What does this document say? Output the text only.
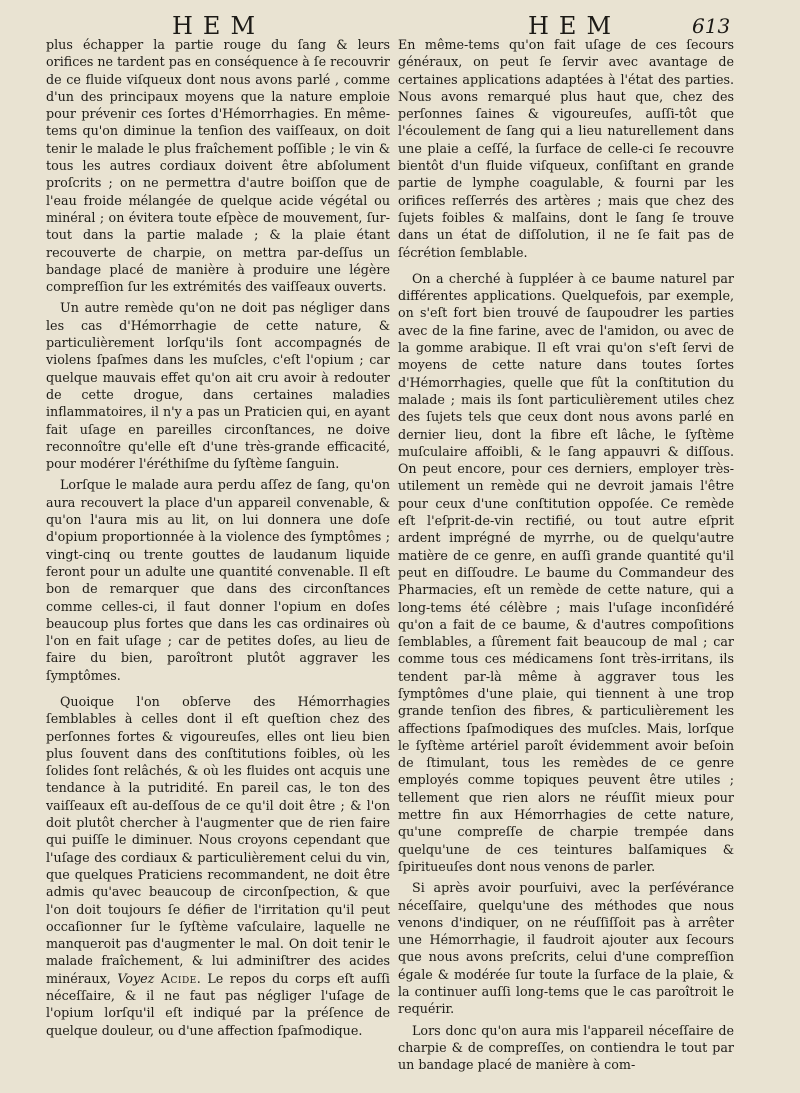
HEM	HEM	613

plus échapper la partie rouge du ſang & leurs orifices ne tardent pas en conséquence à ſe recouvrir de ce fluide viſqueux dont nous avons parlé , comme d'un des principaux moyens que la nature emploie pour prévenir ces ſortes d'Hémorrhagies. En même-tems qu'on diminue la tenſion des vaiſſeaux, on doit tenir le malade le plus fraîchement poſſible ; le vin & tous les autres cordiaux doivent être abſolument proſcrits ; on ne permettra d'autre boiſſon que de l'eau froide mélangée de quelque acide végétal ou minéral ; on évitera toute eſpèce de mouvement, ſur-tout dans la partie malade ; & la plaie étant recouverte de charpie, on mettra par-deſſus un bandage placé de manière à produire une légère compreſſion ſur les extrémités des vaiſſeaux ouverts.

Un autre remède qu'on ne doit pas négliger dans les cas d'Hémorrhagie de cette nature, & particulièrement lorſqu'ils ſont accompagnés de violens ſpaſmes dans les muſcles, c'eſt l'opium ; car quelque mauvais effet qu'on ait cru avoir à redouter de cette drogue, dans certaines maladies inflammatoires, il n'y a pas un Praticien qui, en ayant fait uſage en pareilles circonſtances, ne doive reconnoître qu'elle eſt d'une très-grande efficacité, pour modérer l'éréthiſme du ſyſtème ſanguin.

Lorſque le malade aura perdu aſſez de ſang, qu'on aura recouvert la place d'un appareil convenable, & qu'on l'aura mis au lit, on lui donnera une doſe d'opium proportionnée à la violence des ſymptômes ; vingt-cinq ou trente gouttes de laudanum liquide feront pour un adulte une quantité convenable. Il eſt bon de remarquer que dans des circonſtances comme celles-ci, il faut donner l'opium en doſes beaucoup plus fortes que dans les cas ordinaires où l'on en fait uſage ; car de petites doſes, au lieu de faire du bien, paroîtront plutôt aggraver les ſymptômes.

Quoique l'on obſerve des Hémorrhagies ſemblables à celles dont il eſt queſtion chez des perſonnes fortes & vigoureuſes, elles ont lieu bien plus ſouvent dans des conſtitutions foibles, où les ſolides ſont relâchés, & où les fluides ont acquis une tendance à la putridité. En pareil cas, le ton des vaiſſeaux eſt au-deſſous de ce qu'il doit être ; & l'on doit plutôt chercher à l'augmenter que de rien faire qui puiſſe le diminuer. Nous croyons cependant que l'uſage des cordiaux & particulièrement celui du vin, que quelques Praticiens recommandent, ne doit être admis qu'avec beaucoup de circonſpection, & que l'on doit toujours ſe défier de l'irritation qu'il peut occaſionner ſur le ſyſtème vaſculaire, laquelle ne manqueroit pas d'augmenter le mal. On doit tenir le malade fraîchement, & lui adminiſtrer des acides minéraux, Voyez Acide. Le repos du corps eſt auſſi néceſſaire, & il ne faut pas négliger l'uſage de l'opium lorſqu'il eſt indiqué par la préſence de quelque douleur, ou d'une affection ſpaſmodique.

En même-tems qu'on fait uſage de ces ſecours généraux, on peut ſe ſervir avec avantage de certaines applications adaptées à l'état des parties. Nous avons remarqué plus haut que, chez des perſonnes ſaines & vigoureuſes, auſſi-tôt que l'écoulement de ſang qui a lieu naturellement dans une plaie a ceſſé, la ſurface de celle-ci ſe recouvre bientôt d'un fluide viſqueux, conſiſtant en grande partie de lymphe coagulable, & fourni par les orifices reſſerrés des artères ; mais que chez des ſujets foibles & malſains, dont le ſang ſe trouve dans un état de diſſolution, il ne ſe fait pas de ſécrétion ſemblable.

On a cherché à ſuppléer à ce baume naturel par différentes applications. Quelquefois, par exemple, on s'eſt fort bien trouvé de ſaupoudrer les parties avec de la fine farine, avec de l'amidon, ou avec de la gomme arabique. Il eſt vrai qu'on s'eſt ſervi de moyens de cette nature dans toutes ſortes d'Hémorrhagies, quelle que fût la conſtitution du malade ; mais ils ſont particulièrement utiles chez des ſujets tels que ceux dont nous avons parlé en dernier lieu, dont la fibre eſt lâche, le ſyſtème muſculaire affoibli, & le ſang appauvri & diſſous. On peut encore, pour ces derniers, employer très-utilement un remède qui ne devroit jamais l'être pour ceux d'une conſtitution oppoſée. Ce remède eſt l'eſprit-de-vin rectifié, ou tout autre eſprit ardent imprégné de myrrhe, ou de quelqu'autre matière de ce genre, en auſſi grande quantité qu'il peut en diſſoudre. Le baume du Commandeur des Pharmacies, eſt un remède de cette nature, qui a long-tems été célèbre ; mais l'uſage inconſidéré qu'on a fait de ce baume, & d'autres compoſitions ſemblables, a ſûrement fait beaucoup de mal ; car comme tous ces médicamens ſont très-irritans, ils tendent par-là même à aggraver tous les ſymptômes d'une plaie, qui tiennent à une trop grande tenſion des fibres, & particulièrement les affections ſpaſmodiques des muſcles. Mais, lorſque le ſyſtème artériel paroît évidemment avoir beſoin de ſtimulant, tous les remèdes de ce genre employés comme topiques peuvent être utiles ; tellement que rien alors ne réuſſit mieux pour mettre fin aux Hémorrhagies de cette nature, qu'une compreſſe de charpie trempée dans quelqu'une de ces teintures balſamiques & ſpiritueuſes dont nous venons de parler.

Si après avoir pourſuivi, avec la perſévérance néceſſaire, quelqu'une des méthodes que nous venons d'indiquer, on ne réuſſiſſoit pas à arrêter une Hémorrhagie, il faudroit ajouter aux ſecours que nous avons preſcrits, celui d'une compreſſion égale & modérée ſur toute la ſurface de la plaie, & la continuer auſſi long-tems que le cas paroîtroit le requérir.

Lors donc qu'on aura mis l'appareil néceſſaire de charpie & de compreſſes, on contiendra le tout par un bandage placé de manière à com-
